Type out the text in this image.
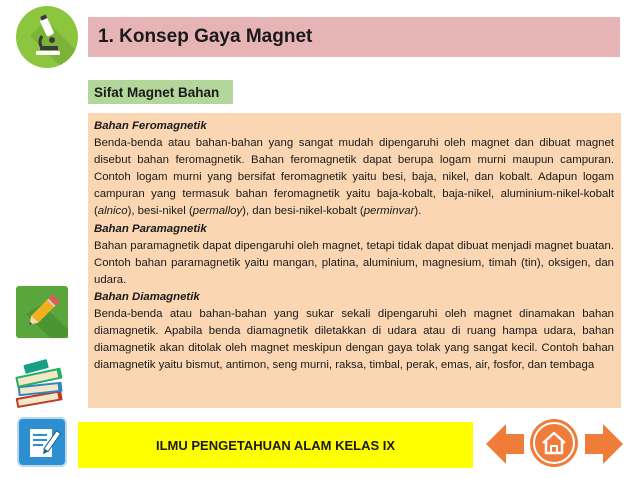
1. Konsep Gaya Magnet
Sifat Magnet Bahan

Bahan Feromagnetik

Benda-benda atau bahan-bahan yang sangat mudah dipengaruhi oleh magnet dan dibuat magnet disebut bahan feromagnetik. Bahan feromagnetik dapat berupa logam murni maupun campuran. Contoh logam murni yang bersifat feromagnetik yaitu besi, baja, nikel, dan kobalt. Adapun logam campuran yang termasuk bahan feromagnetik yaitu baja-kobalt, baja-nikel, aluminium-nikel-kobalt (alnico), besi-nikel (permalloy), dan besi-nikel-kobalt (perminvar).

Bahan Paramagnetik

Bahan paramagnetik dapat dipengaruhi oleh magnet, tetapi tidak dapat dibuat menjadi magnet buatan. Contoh bahan paramagnetik yaitu mangan, platina, aluminium, magnesium, timah (tin), oksigen, dan udara.

Bahan Diamagnetik

Benda-benda atau bahan-bahan yang sukar sekali dipengaruhi oleh magnet dinamakan bahan diamagnetik. Apabila benda diamagnetik diletakkan di udara atau di ruang hampa udara, bahan diamagnetik akan ditolak oleh magnet meskipun dengan gaya tolak yang sangat kecil. Contoh bahan diamagnetik yaitu bismut, antimon, seng murni, raksa, timbal, perak, emas, air, fosfor, dan tembaga

ILMU PENGETAHUAN ALAM KELAS IX
